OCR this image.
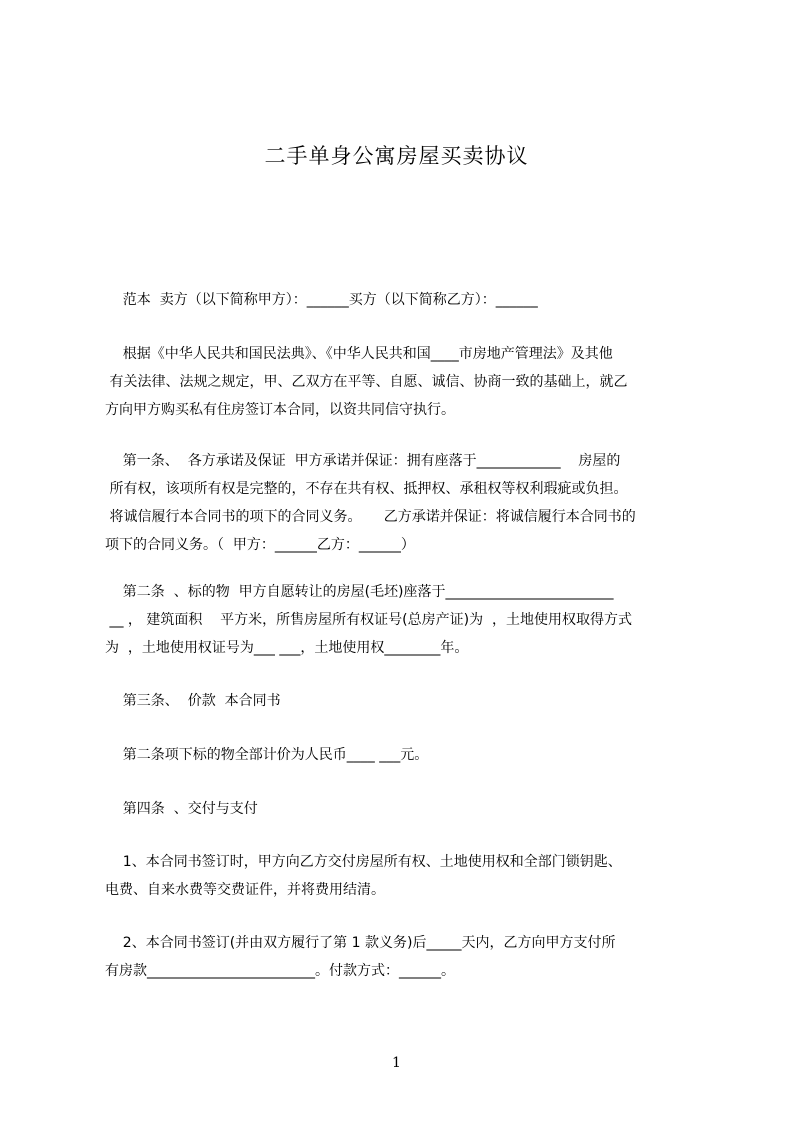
二手单身公寓房屋买卖协议
范本  卖方（以下简称甲方）：______买方（以下简称乙方）：______
根据《中华人民共和国民法典》、《中华人民共和国____市房地产管理法》及其他
有关法律、法规之规定，甲、乙双方在平等、自愿、诚信、协商一致的基础上，就乙
方向甲方购买私有住房签订本合同，以资共同信守执行。
第一条、  各方承诺及保证  甲方承诺并保证：拥有座落于____________    房屋的
所有权，该项所有权是完整的，不存在共有权、抵押权、承租权等权利瑕疵或负担。
将诚信履行本合同书的项下的合同义务。     乙方承诺并保证：将诚信履行本合同书的
项下的合同义务。（  甲方：______乙方：______）
第二条  、标的物  甲方自愿转让的房屋(毛坯)座落于________________________
__ ， 建筑面积    平方米，所售房屋所有权证号(总房产证)为  ，土地使用权取得方式
为  ，土地使用权证号为___ ___，土地使用权________年。
第三条、  价款  本合同书
第二条项下标的物全部计价为人民币____ ___元。
第四条  、交付与支付
1、本合同书签订时，甲方向乙方交付房屋所有权、土地使用权和全部门锁钥匙、
电费、自来水费等交费证件，并将费用结清。
2、本合同书签订(并由双方履行了第 1 款义务)后_____天内，乙方向甲方支付所
有房款________________________。付款方式：______。
1
